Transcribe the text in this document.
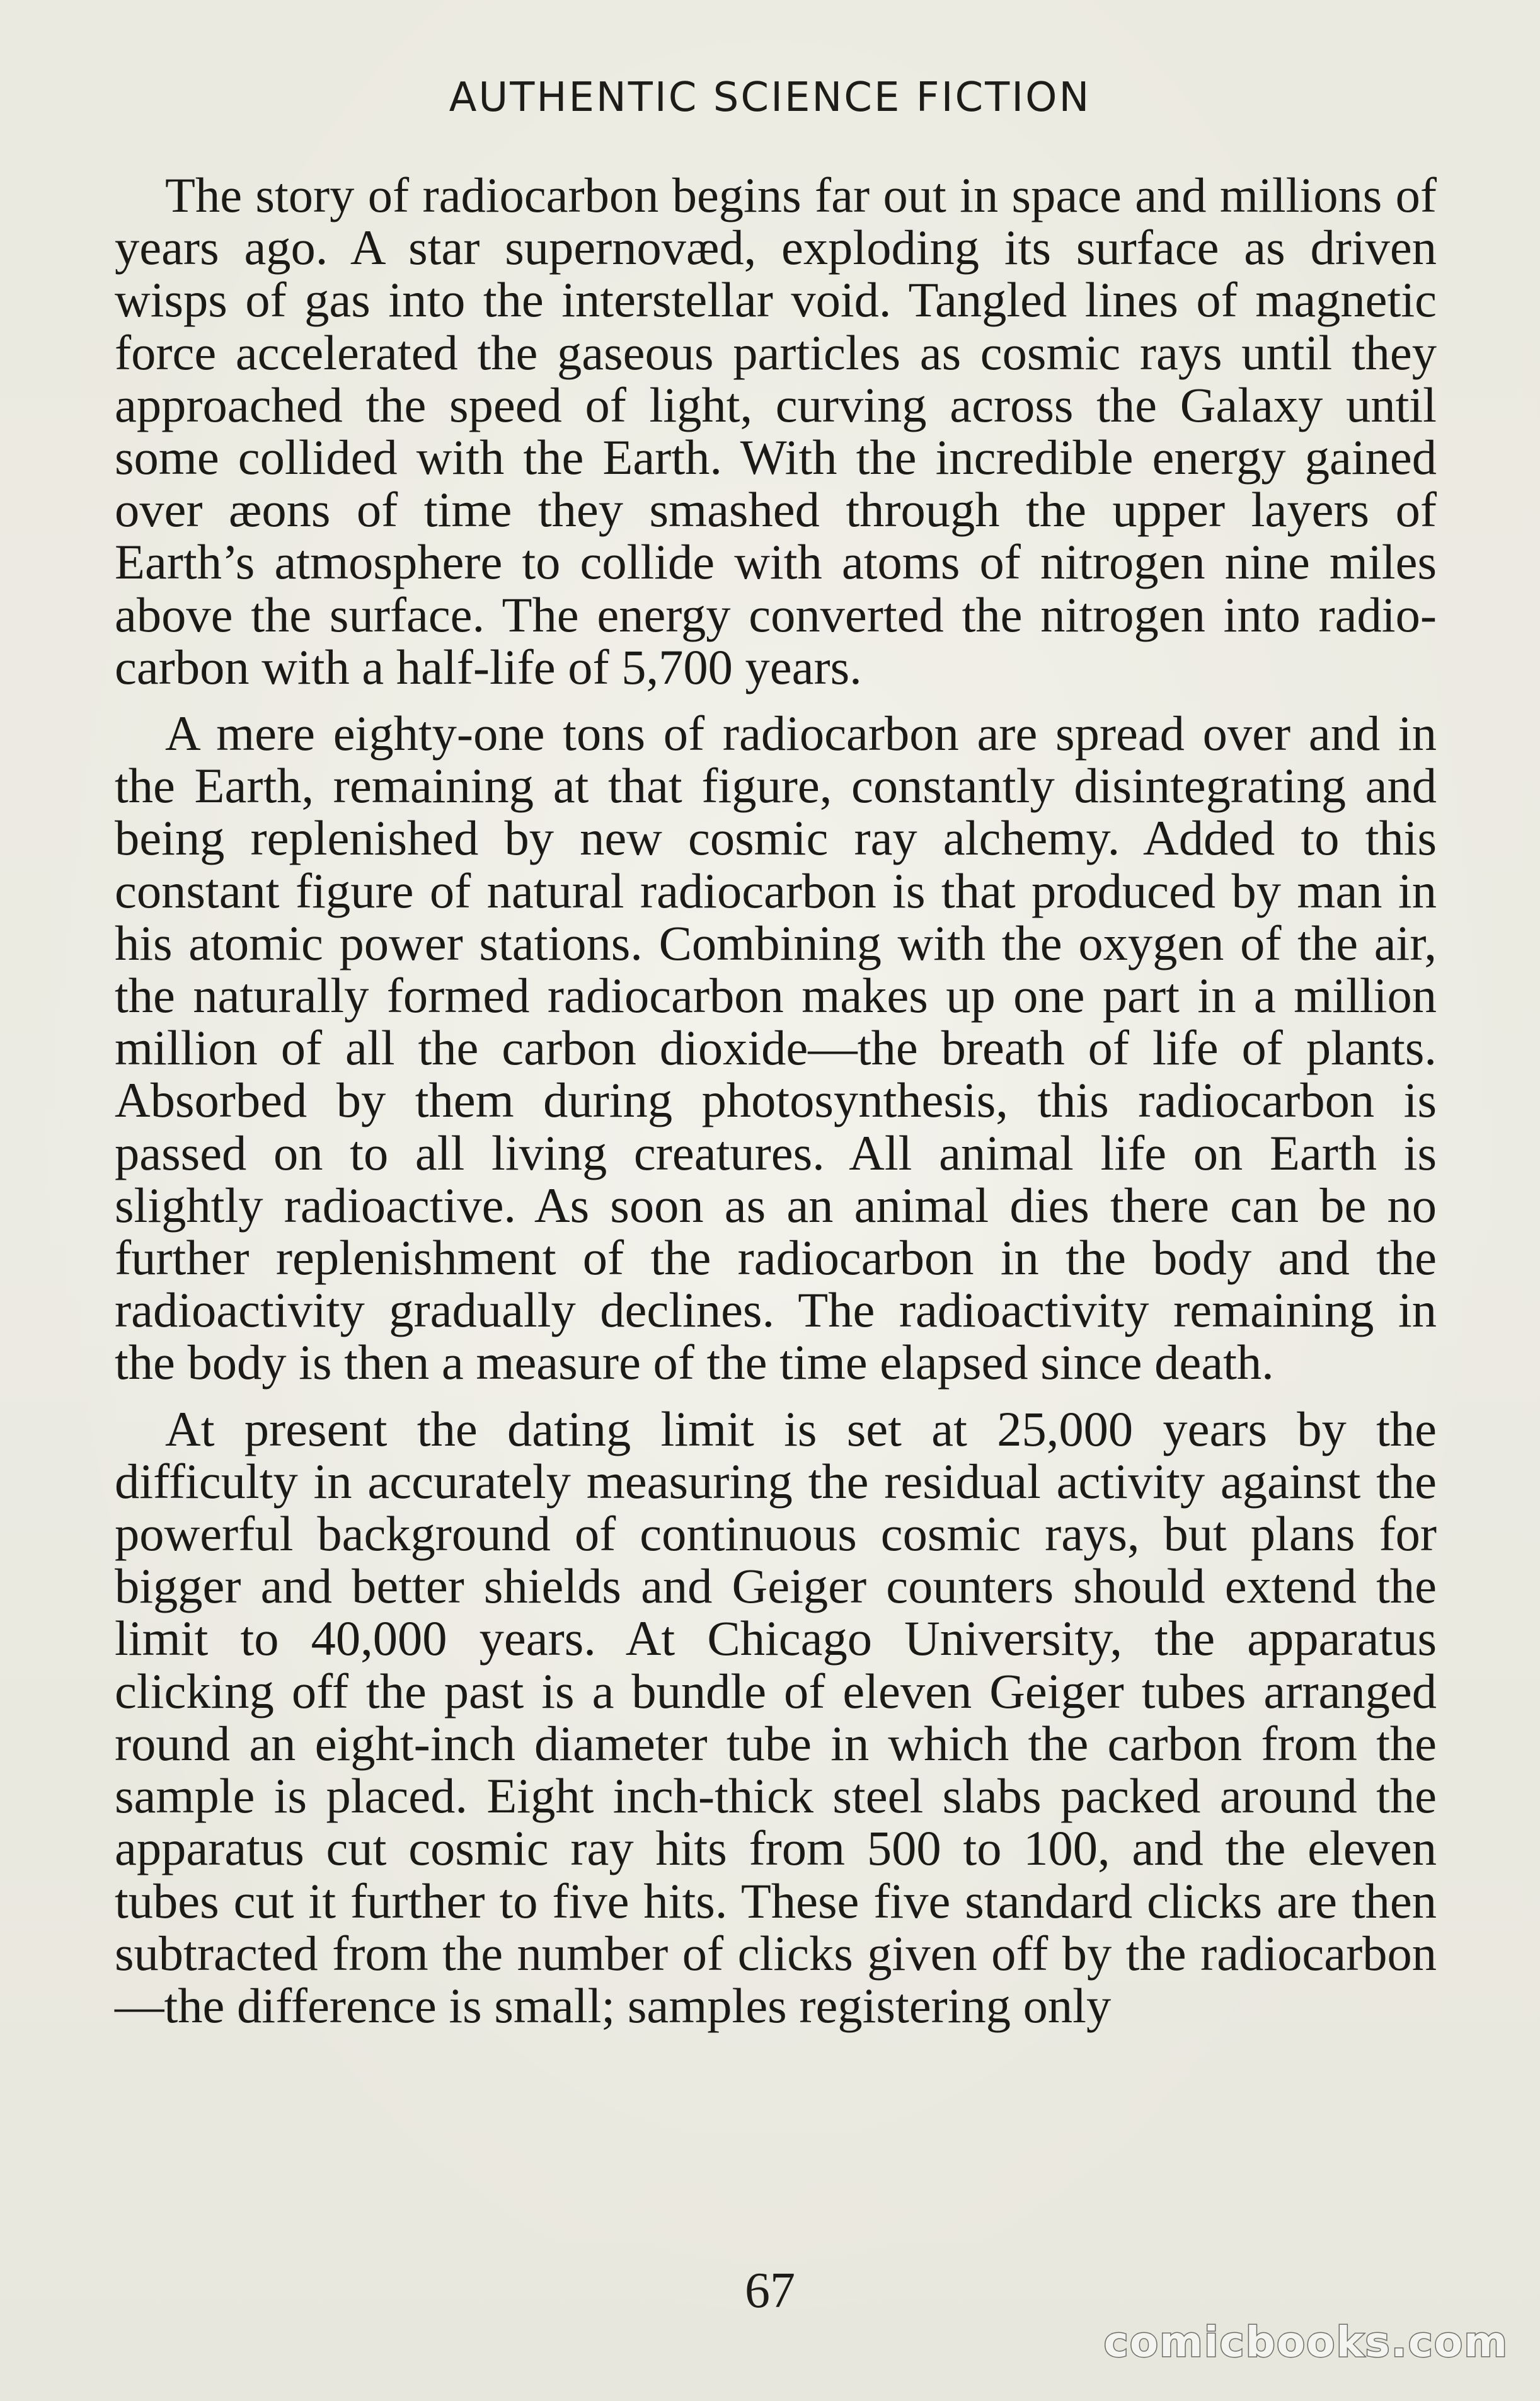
AUTHENTIC SCIENCE FICTION

The story of radiocarbon begins far out in space and millions of years ago. A star supernovæd, exploding its surface as driven wisps of gas into the interstellar void. Tangled lines of magnetic force accelerated the gaseous particles as cosmic rays until they approached the speed of light, curving across the Galaxy until some collided with the Earth. With the incredible energy gained over æons of time they smashed through the upper layers of Earth’s atmosphere to collide with atoms of nitrogen nine miles above the surface. The energy converted the nitrogen into radiocarbon with a half-life of 5,700 years.

A mere eighty-one tons of radiocarbon are spread over and in the Earth, remaining at that figure, constantly disintegrating and being replenished by new cosmic ray alchemy. Added to this constant figure of natural radiocarbon is that produced by man in his atomic power stations. Combining with the oxygen of the air, the naturally formed radiocarbon makes up one part in a million million of all the carbon dioxide—the breath of life of plants. Absorbed by them during photosynthesis, this radiocarbon is passed on to all living creatures. All animal life on Earth is slightly radioactive. As soon as an animal dies there can be no further replenishment of the radiocarbon in the body and the radioactivity gradually declines. The radioactivity remaining in the body is then a measure of the time elapsed since death.

At present the dating limit is set at 25,000 years by the difficulty in accurately measuring the residual activity against the powerful background of continuous cosmic rays, but plans for bigger and better shields and Geiger counters should extend the limit to 40,000 years. At Chicago University, the apparatus clicking off the past is a bundle of eleven Geiger tubes arranged round an eight-inch diameter tube in which the carbon from the sample is placed. Eight inch-thick steel slabs packed around the apparatus cut cosmic ray hits from 500 to 100, and the eleven tubes cut it further to five hits. These five standard clicks are then subtracted from the number of clicks given off by the radiocarbon—the difference is small; samples registering only

67
comicbooks.com
